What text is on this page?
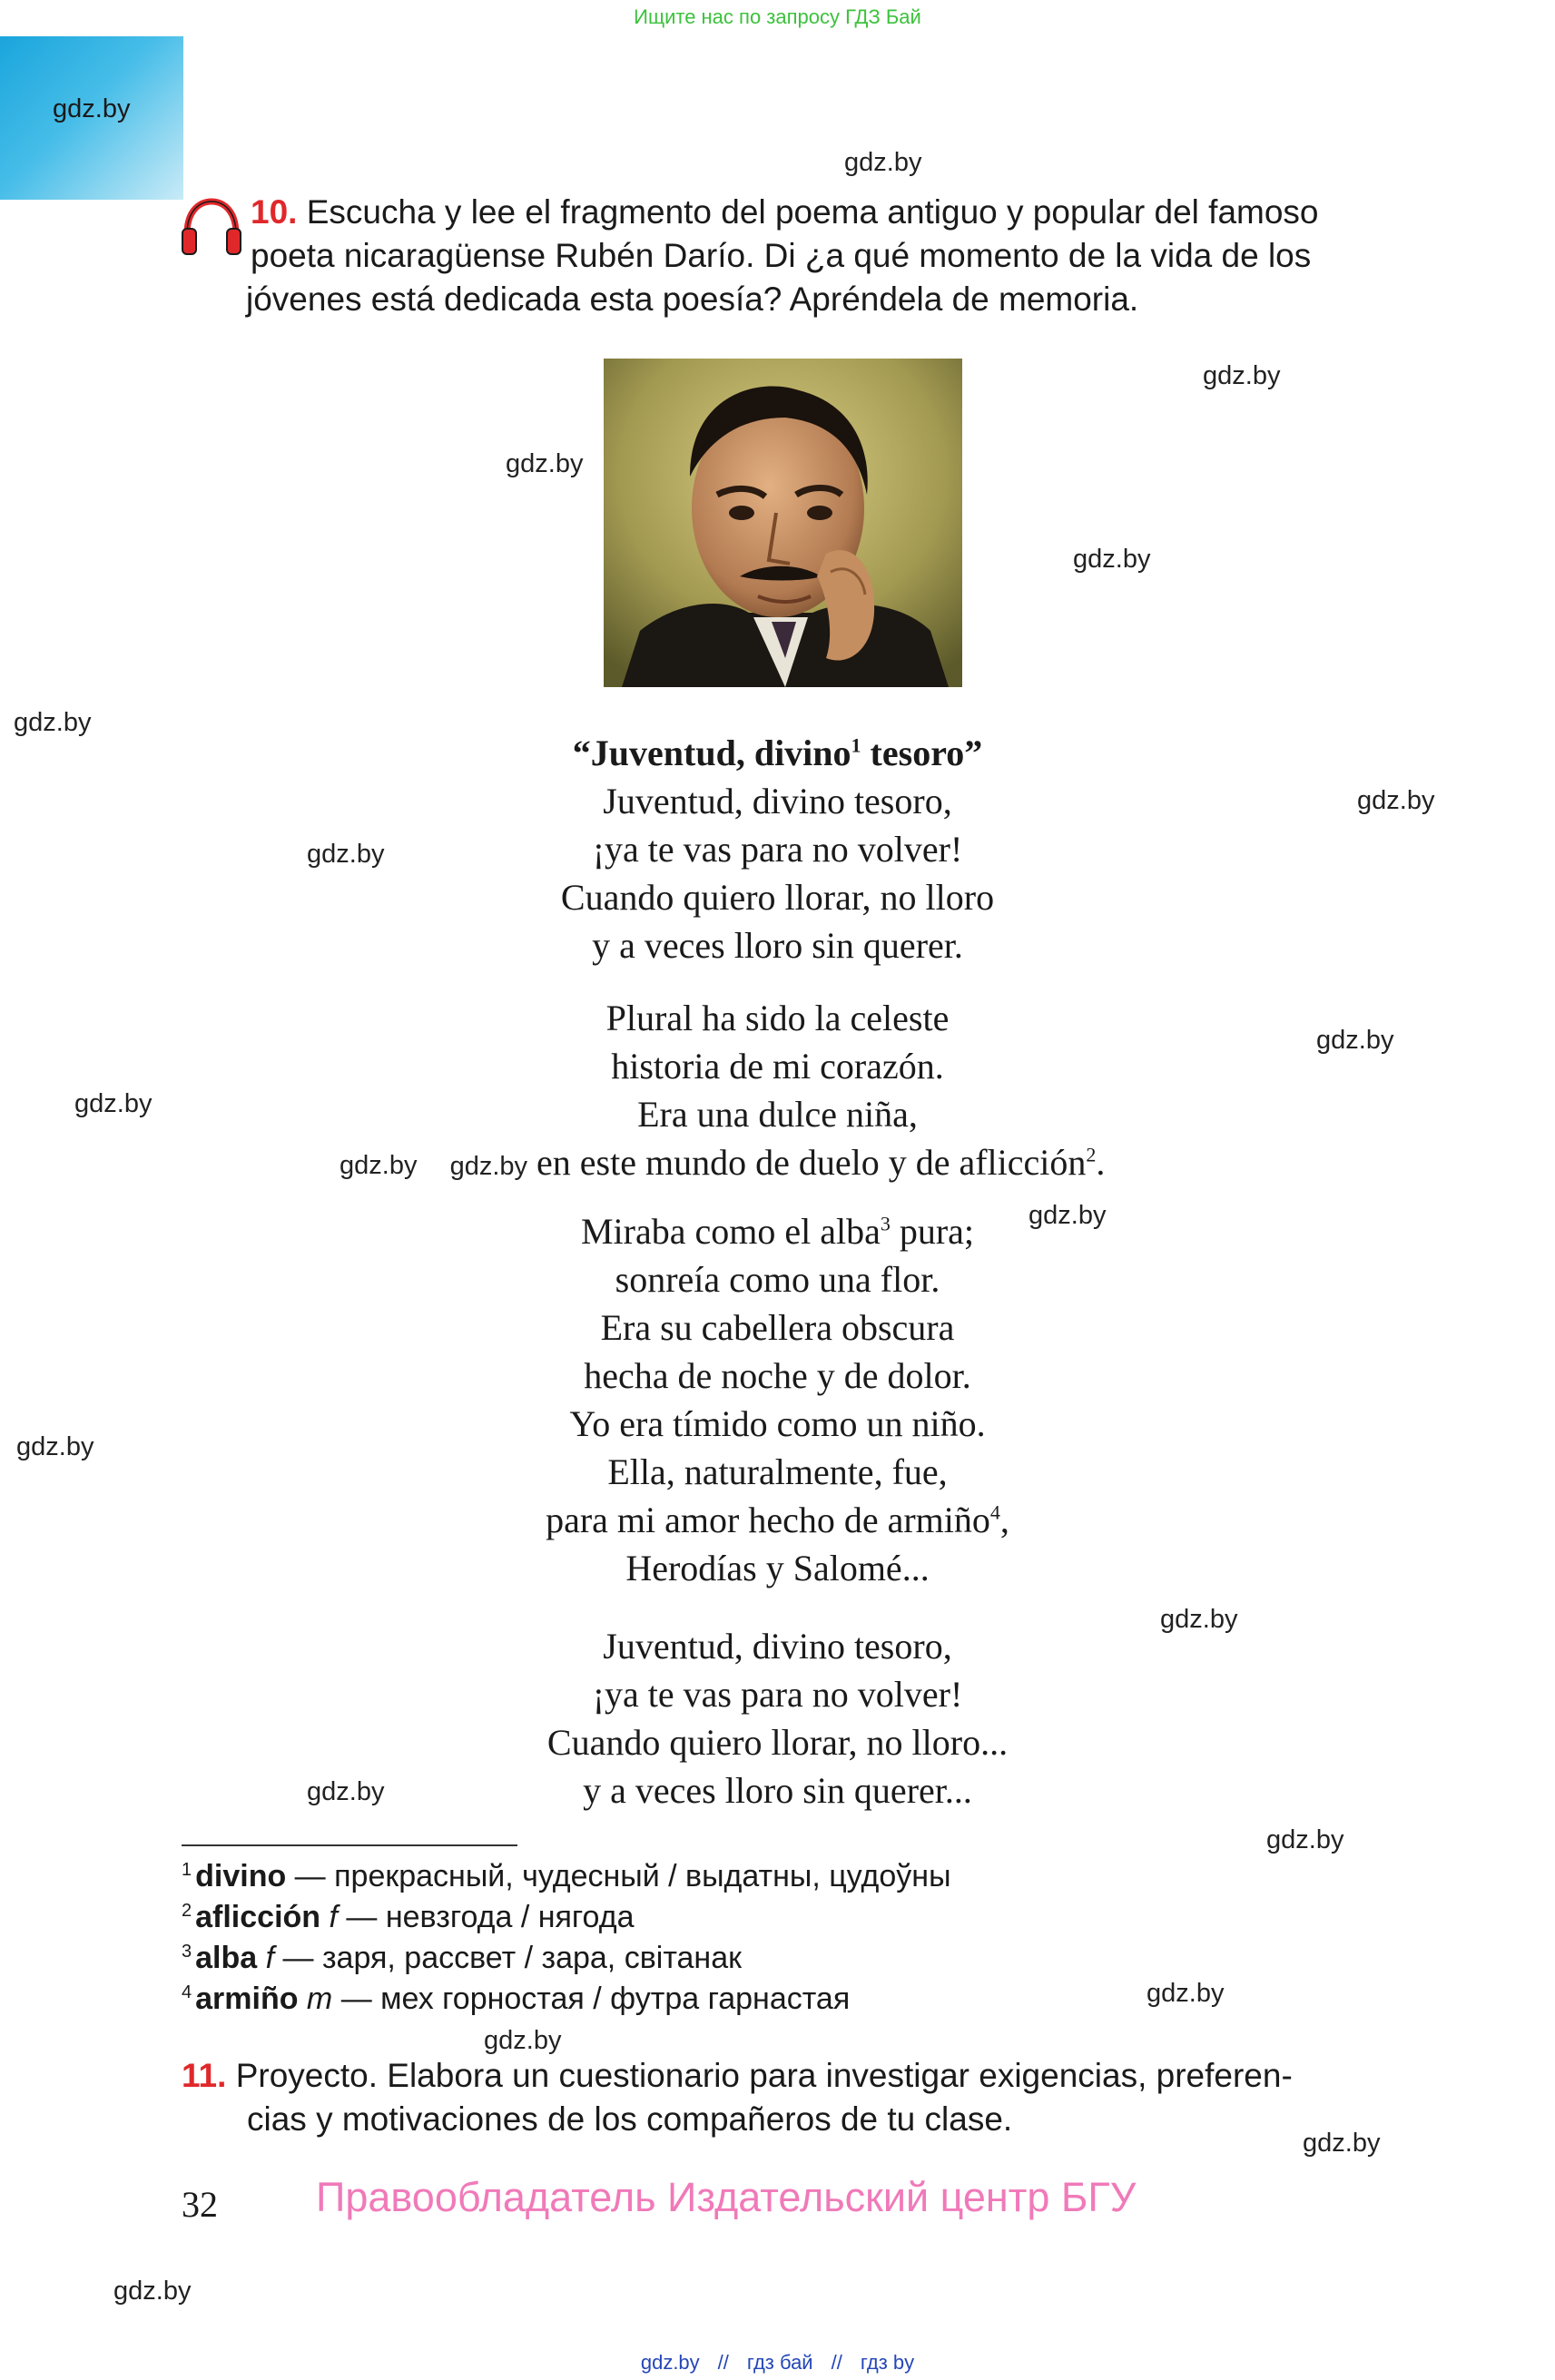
Ищите нас по запросу ГДЗ Бай
gdz.by
gdz.by
gdz.by
gdz.by
gdz.by
gdz.by
gdz.by
gdz.by
gdz.by
gdz.by
gdz.by
gdz.by
gdz.by
gdz.by
gdz.by
gdz.by
gdz.by
gdz.by
gdz.by
gdz.by
10. Escucha y lee el fragmento del poema antiguo y popular del famoso
poeta nicaragüense Rubén Darío. Di ¿a qué momento de la vida de los
jóvenes está dedicada esta poesía? Apréndela de memoria.
“Juventud, divino$^1$ tesoro”
Juventud, divino tesoro,
¡ya te vas para no volver!
Cuando quiero llorar, no lloro
y a veces lloro sin querer.
Plural ha sido la celeste
historia de mi corazón.
Era una dulce niña,
gdz.by en este mundo de duelo y de aflicción$^2$.
Miraba como el alba$^3$ pura;
sonreía como una flor.
Era su cabellera obscura
hecha de noche y de dolor.
Yo era tímido como un niño.
Ella, naturalmente, fue,
para mi amor hecho de armiño$^4$,
Herodías y Salomé...
Juventud, divino tesoro,
¡ya te vas para no volver!
Cuando quiero llorar, no lloro...
y a veces lloro sin querer...
$^1$ divino — прекрасный, чудесный / выдатны, цудоўны
$^2$ aflicción f — невзгода / нягода
$^3$ alba f — заря, рассвет / зара, світанак
$^4$ armiño m — мех горностая / футра гарнастая
11. Proyecto. Elabora un cuestionario para investigar exigencias, preferen-
cias y motivaciones de los compañeros de tu clase.
32 Правообладатель Издательский центр БГУ
gdz.by // гдз бай // гдз by
